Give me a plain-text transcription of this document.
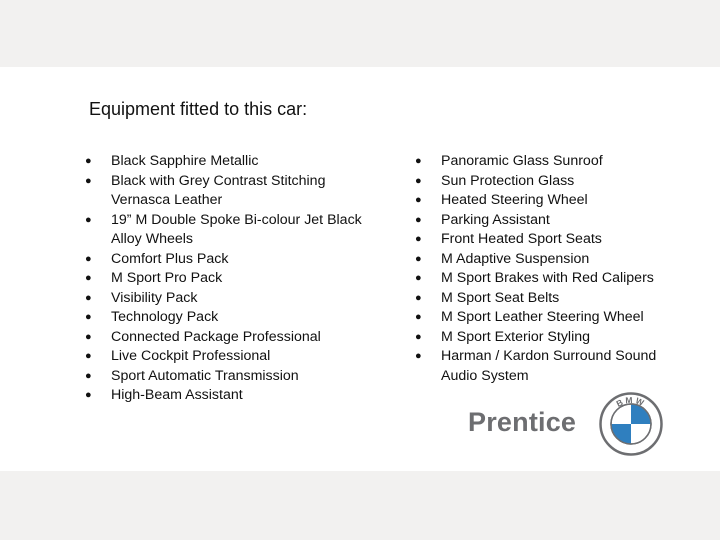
Equipment fitted to this car:
●	Black Sapphire Metallic
●	Black with Grey Contrast Stitching Vernasca Leather
●	19” M Double Spoke Bi-colour Jet Black Alloy Wheels
●	Comfort Plus Pack
●	M Sport Pro Pack
●	Visibility Pack
●	Technology Pack
●	Connected Package Professional
●	Live Cockpit Professional
●	Sport Automatic Transmission
●	High-Beam Assistant
●	Panoramic Glass Sunroof
●	Sun Protection Glass
●	Heated Steering Wheel
●	Parking Assistant
●	Front Heated Sport Seats
●	M Adaptive Suspension
●	M Sport Brakes with Red Calipers
●	M Sport Seat Belts
●	M Sport Leather Steering Wheel
●	M Sport Exterior Styling
●	Harman / Kardon Surround Sound Audio System
Prentice
BMW
